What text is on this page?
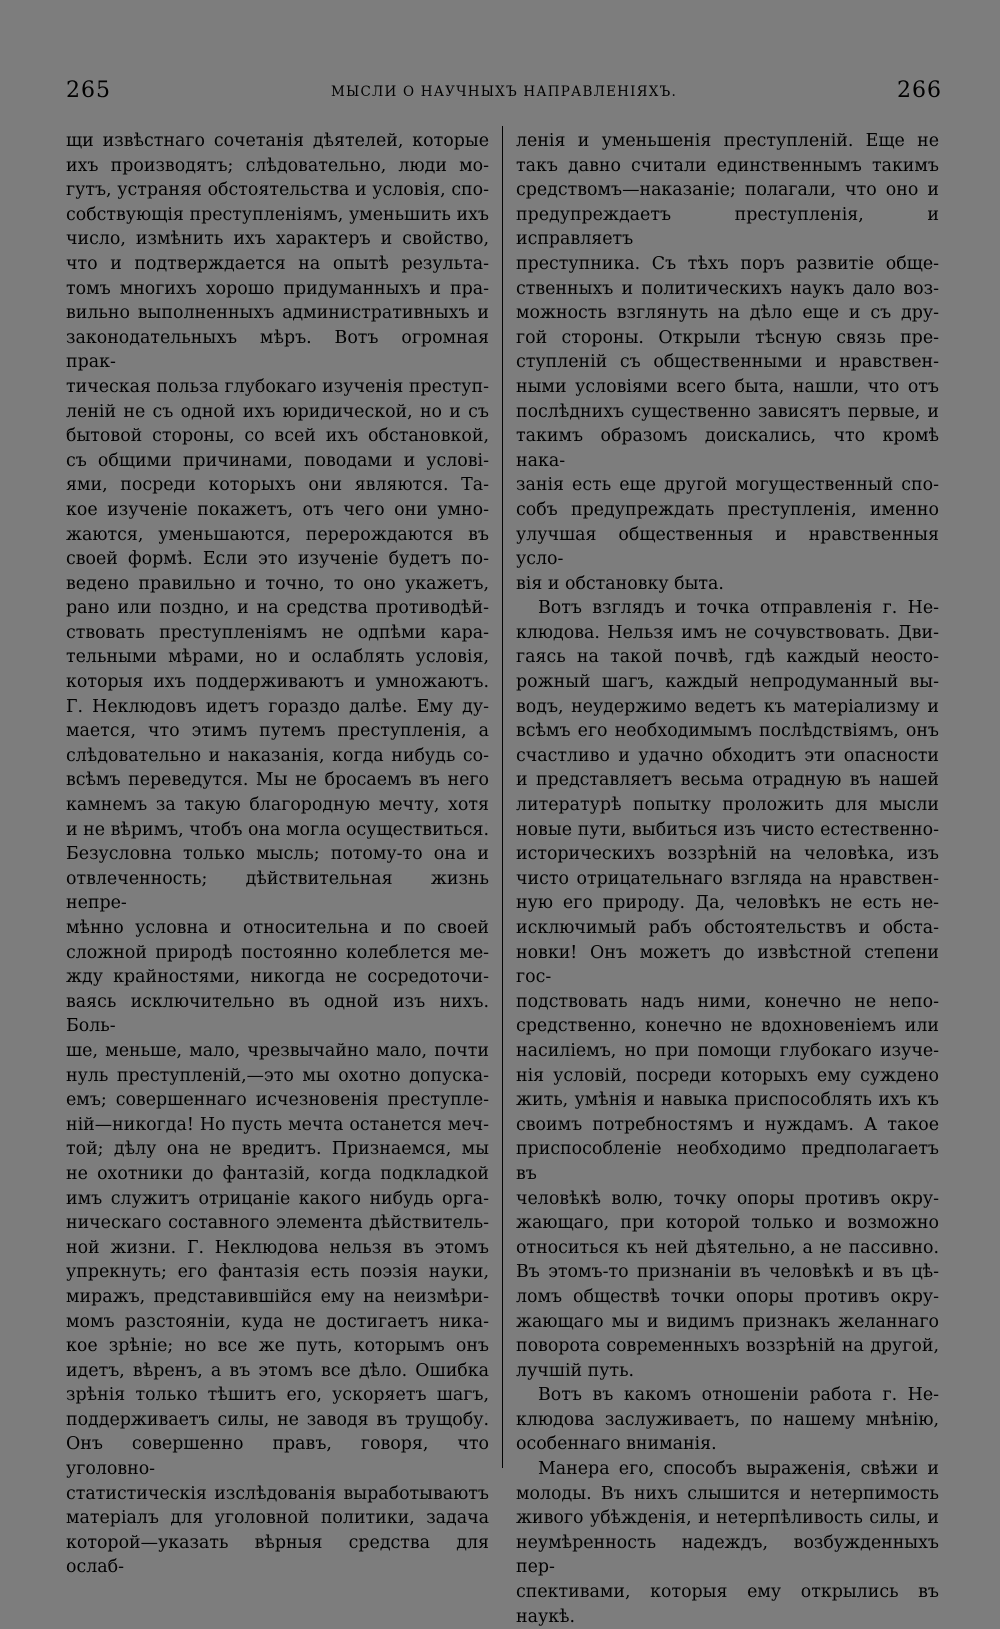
265	МЫСЛИ О НАУЧНЫХЪ НАПРАВЛЕНІЯХЪ.	266

щи извѣстнаго сочетанія дѣятелей, которые

ихъ производятъ; слѣдовательно, люди мо-

гутъ, устраняя обстоятельства и условія, спо-

собствующія преступленіямъ, уменьшить ихъ

число, измѣнить ихъ характеръ и свойство,

что и подтверждается на опытѣ результа-

томъ многихъ хорошо придуманныхъ и пра-

вильно выполненныхъ административныхъ и

законодательныхъ мѣръ. Вотъ огромная прак-

тическая польза глубокаго изученія преступ-

леній не съ одной ихъ юридической, но и съ

бытовой стороны, со всей ихъ обстановкой,

съ общими причинами, поводами и услові-

ями, посреди которыхъ они являются. Та-

кое изученіе покажетъ, отъ чего они умно-

жаются, уменьшаются, перерождаются въ

своей формѣ. Если это изученіе будетъ по-

ведено правильно и точно, то оно укажетъ,

рано или поздно, и на средства противодѣй-

ствовать преступленіямъ не одпѣми кара-

тельными мѣрами, но и ослаблять условія,

которыя ихъ поддерживаютъ и умножаютъ.

Г. Неклюдовъ идетъ гораздо далѣе. Ему ду-

мается, что этимъ путемъ преступленія, а

слѣдовательно и наказанія, когда нибудь со-

всѣмъ переведутся. Мы не бросаемъ въ него

камнемъ за такую благородную мечту, хотя

и не вѣримъ, чтобъ она могла осуществиться.

Безусловна только мысль; потому-то она и

отвлеченность; дѣйствительная жизнь непре-

мѣнно условна и относительна и по своей

сложной природѣ постоянно колеблется ме-

жду крайностями, никогда не сосредоточи-

ваясь исключительно въ одной изъ нихъ. Боль-

ше, меньше, мало, чрезвычайно мало, почти

нуль преступленій,—это мы охотно допуска-

емъ; совершеннаго исчезновенія преступле-

ній—никогда! Но пусть мечта останется меч-

той; дѣлу она не вредитъ. Признаемся, мы

не охотники до фантазій, когда подкладкой

имъ служитъ отрицаніе какого нибудь орга-

ническаго составного элемента дѣйствитель-

ной жизни. Г. Неклюдова нельзя въ этомъ

упрекнуть; его фантазія есть поэзія науки,

миражъ, представившійся ему на неизмѣри-

момъ разстояніи, куда не достигаетъ ника-

кое зрѣніе; но все же путь, которымъ онъ

идетъ, вѣренъ, а въ этомъ все дѣло. Ошибка

зрѣнія только тѣшитъ его, ускоряетъ шагъ,

поддерживаетъ силы, не заводя въ трущобу.

Онъ совершенно правъ, говоря, что уголовно-

статистическія изслѣдованія выработываютъ

матеріалъ для уголовной политики, задача

которой—указать вѣрныя средства для ослаб-

ленія и уменьшенія преступленій. Еще не

такъ давно считали единственнымъ такимъ

средствомъ—наказаніе; полагали, что оно и

предупреждаетъ преступленія, и исправляетъ

преступника. Съ тѣхъ поръ развитіе обще-

ственныхъ и политическихъ наукъ дало воз-

можность взглянуть на дѣло еще и съ дру-

гой стороны. Открыли тѣсную связь пре-

ступленій съ общественными и нравствен-

ными условіями всего быта, нашли, что отъ

послѣднихъ существенно зависятъ первые, и

такимъ образомъ доискались, что кромѣ нака-

занія есть еще другой могущественный спо-

собъ предупреждать преступленія, именно

улучшая общественныя и нравственныя усло-

вія и обстановку быта.

Вотъ взглядъ и точка отправленія г. Не-

клюдова. Нельзя имъ не сочувствовать. Дви-

гаясь на такой почвѣ, гдѣ каждый неосто-

рожный шагъ, каждый непродуманный вы-

водъ, неудержимо ведетъ къ матеріализму и

всѣмъ его необходимымъ послѣдствіямъ, онъ

счастливо и удачно обходитъ эти опасности

и представляетъ весьма отрадную въ нашей

литературѣ попытку проложить для мысли

новые пути, выбиться изъ чисто естественно-

историческихъ воззрѣній на человѣка, изъ

чисто отрицательнаго взгляда на нравствен-

ную его природу. Да, человѣкъ не есть не-

исключимый рабъ обстоятельствъ и обста-

новки! Онъ можетъ до извѣстной степени гос-

подствовать надъ ними, конечно не непо-

средственно, конечно не вдохновеніемъ или

насиліемъ, но при помощи глубокаго изуче-

нія условій, посреди которыхъ ему суждено

жить, умѣнія и навыка приспособлять ихъ къ

своимъ потребностямъ и нуждамъ. А такое

приспособленіе необходимо предполагаетъ въ

человѣкѣ волю, точку опоры противъ окру-

жающаго, при которой только и возможно

относиться къ ней дѣятельно, а не пассивно.

Въ этомъ-то признаніи въ человѣкѣ и въ цѣ-

ломъ обществѣ точки опоры противъ окру-

жающаго мы и видимъ признакъ желаннаго

поворота современныхъ воззрѣній на другой,

лучшій путь.

Вотъ въ какомъ отношеніи работа г. Не-

клюдова заслуживаетъ, по нашему мнѣнію,

особеннаго вниманія.

Манера его, способъ выраженія, свѣжи и

молоды. Въ нихъ слышится и нетерпимость

живого убѣжденія, и нетерпѣливость силы, и

неумѣренность надеждъ, возбужденныхъ пер-

спективами, которыя ему открылись въ наукѣ.
